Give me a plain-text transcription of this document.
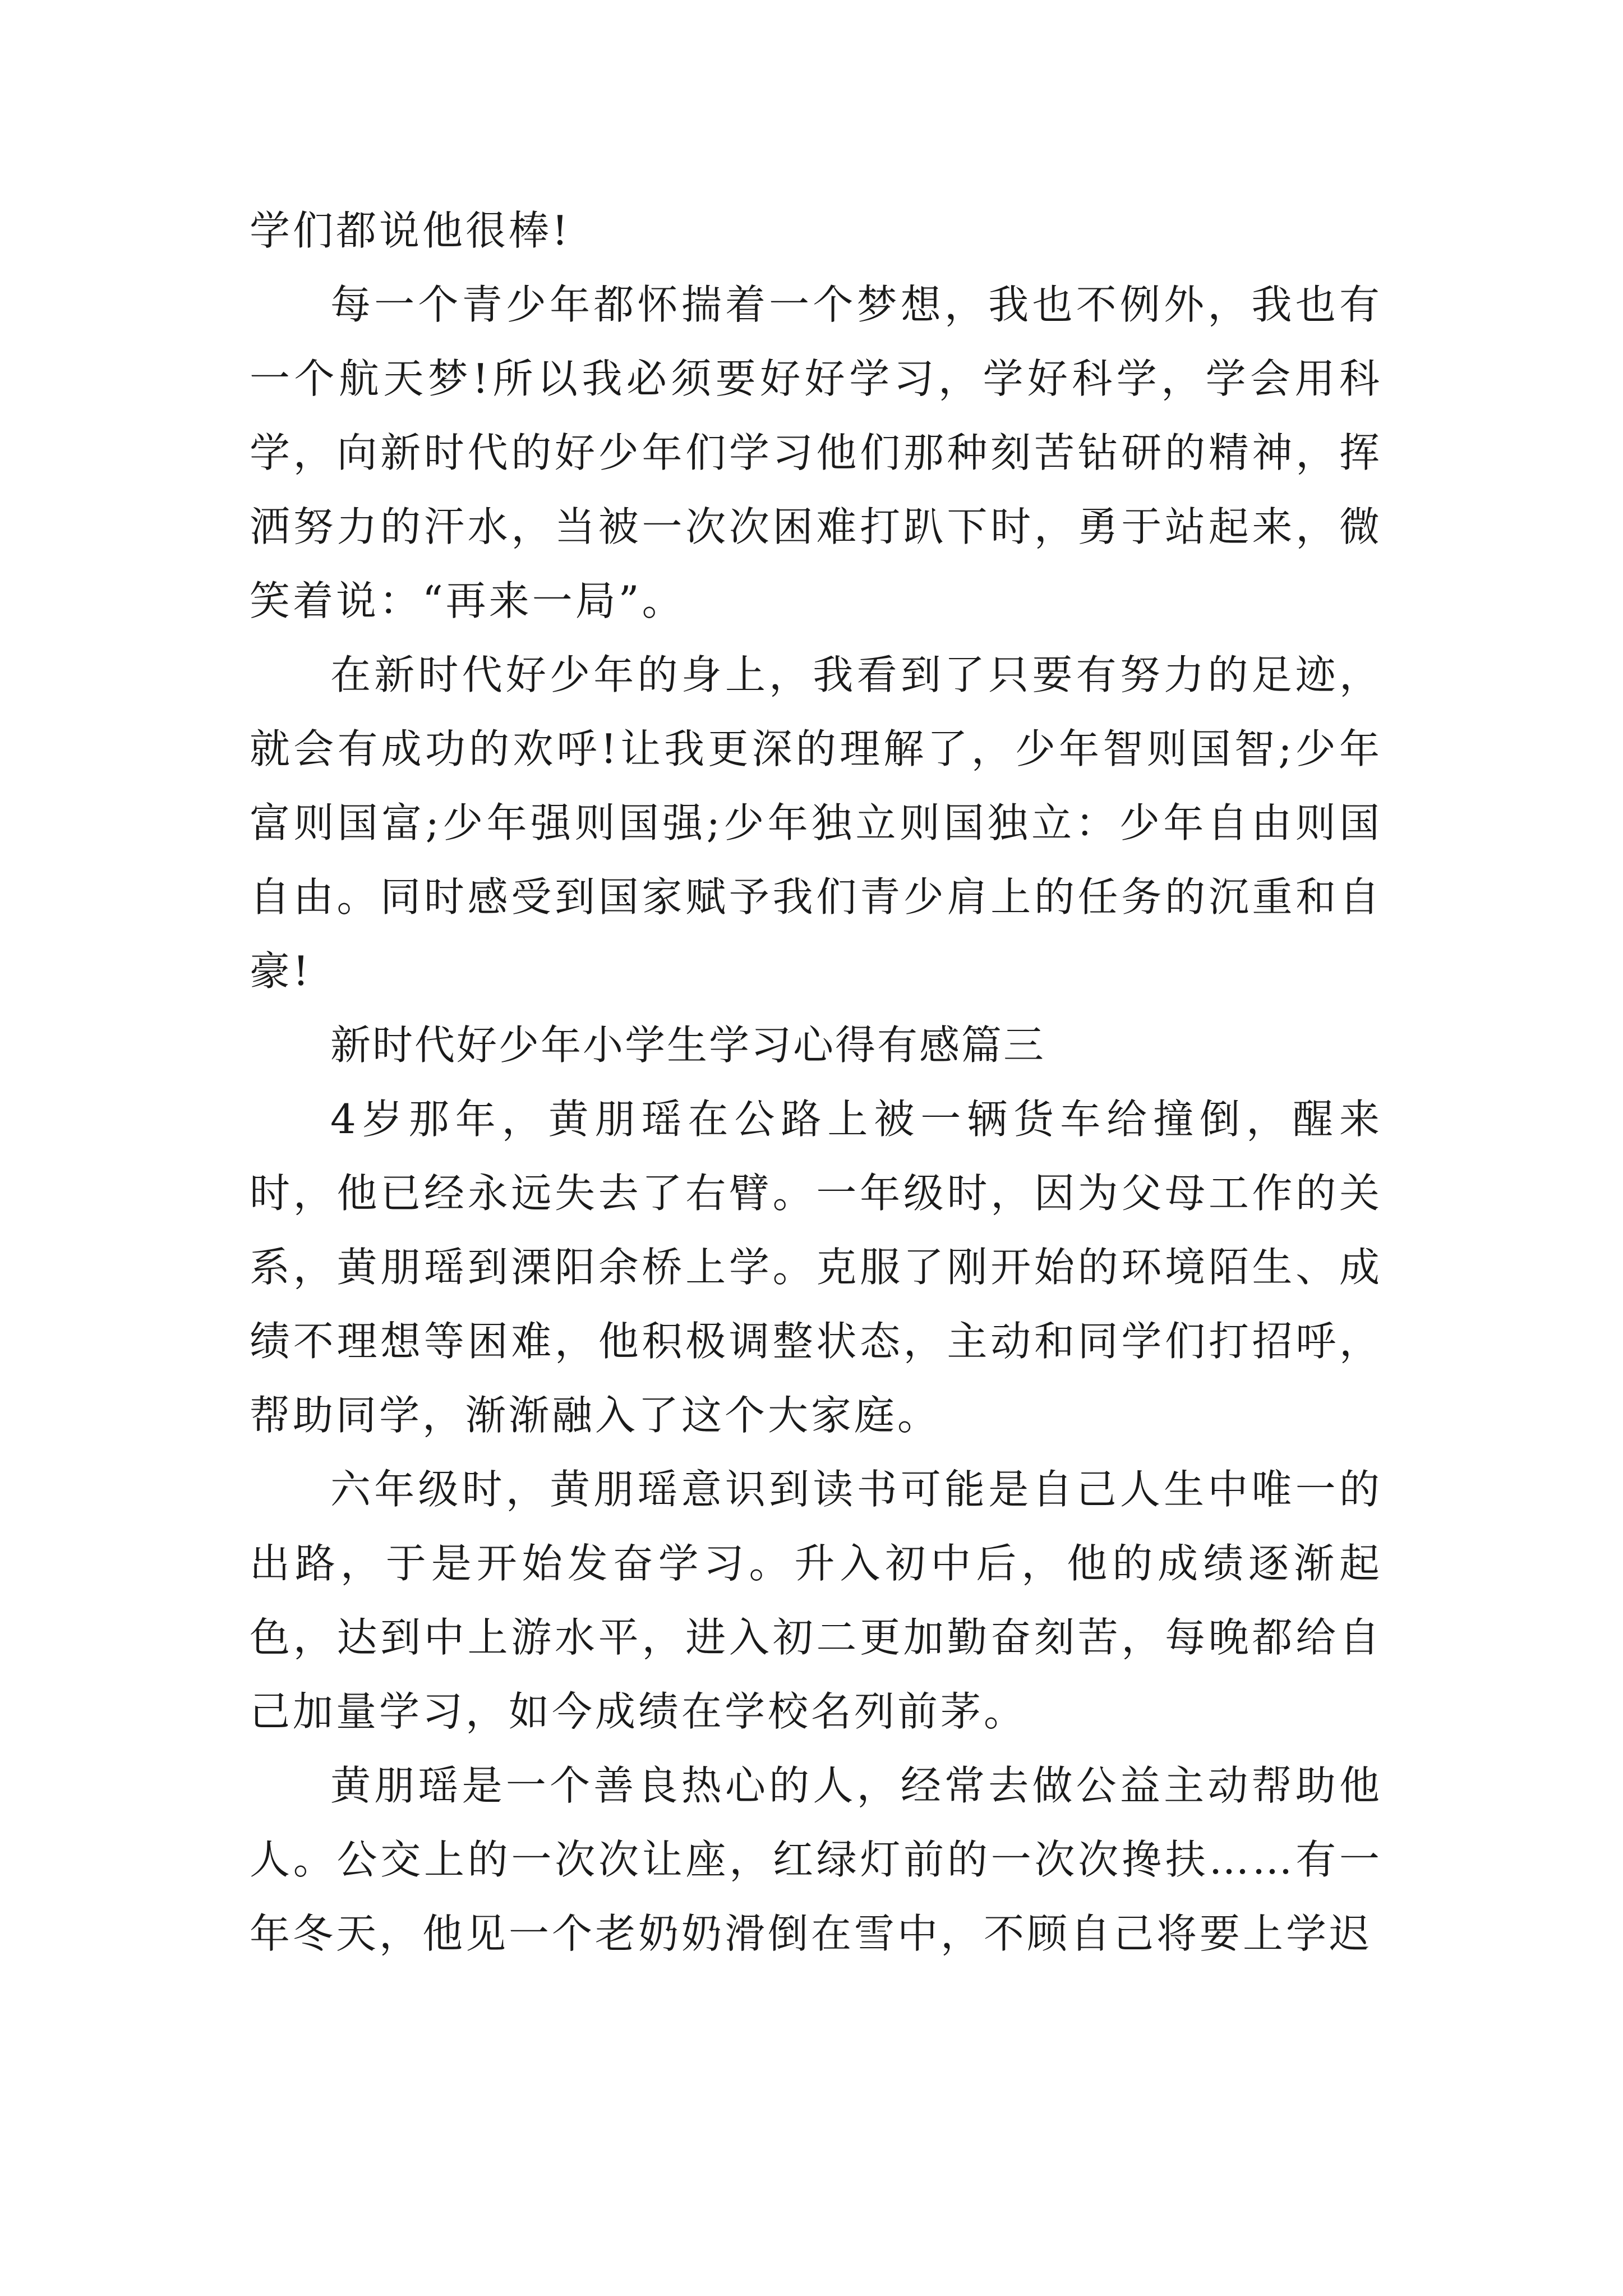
学们都说他很棒!

每一个青少年都怀揣着一个梦想，我也不例外，我也有一个航天梦!所以我必须要好好学习，学好科学，学会用科学，向新时代的好少年们学习他们那种刻苦钻研的精神，挥洒努力的汗水，当被一次次困难打趴下时，勇于站起来，微笑着说：“再来一局”。

在新时代好少年的身上，我看到了只要有努力的足迹，就会有成功的欢呼!让我更深的理解了，少年智则国智;少年富则国富;少年强则国强;少年独立则国独立：少年自由则国自由。同时感受到国家赋予我们青少肩上的任务的沉重和自豪!

新时代好少年小学生学习心得有感篇三

4岁那年，黄朋瑶在公路上被一辆货车给撞倒，醒来时，他已经永远失去了右臂。一年级时，因为父母工作的关系，黄朋瑶到溧阳余桥上学。克服了刚开始的环境陌生、成绩不理想等困难，他积极调整状态，主动和同学们打招呼，帮助同学，渐渐融入了这个大家庭。

六年级时，黄朋瑶意识到读书可能是自己人生中唯一的出路，于是开始发奋学习。升入初中后，他的成绩逐渐起色，达到中上游水平，进入初二更加勤奋刻苦，每晚都给自己加量学习，如今成绩在学校名列前茅。

黄朋瑶是一个善良热心的人，经常去做公益主动帮助他人。公交上的一次次让座，红绿灯前的一次次搀扶……有一年冬天，他见一个老奶奶滑倒在雪中，不顾自己将要上学迟
